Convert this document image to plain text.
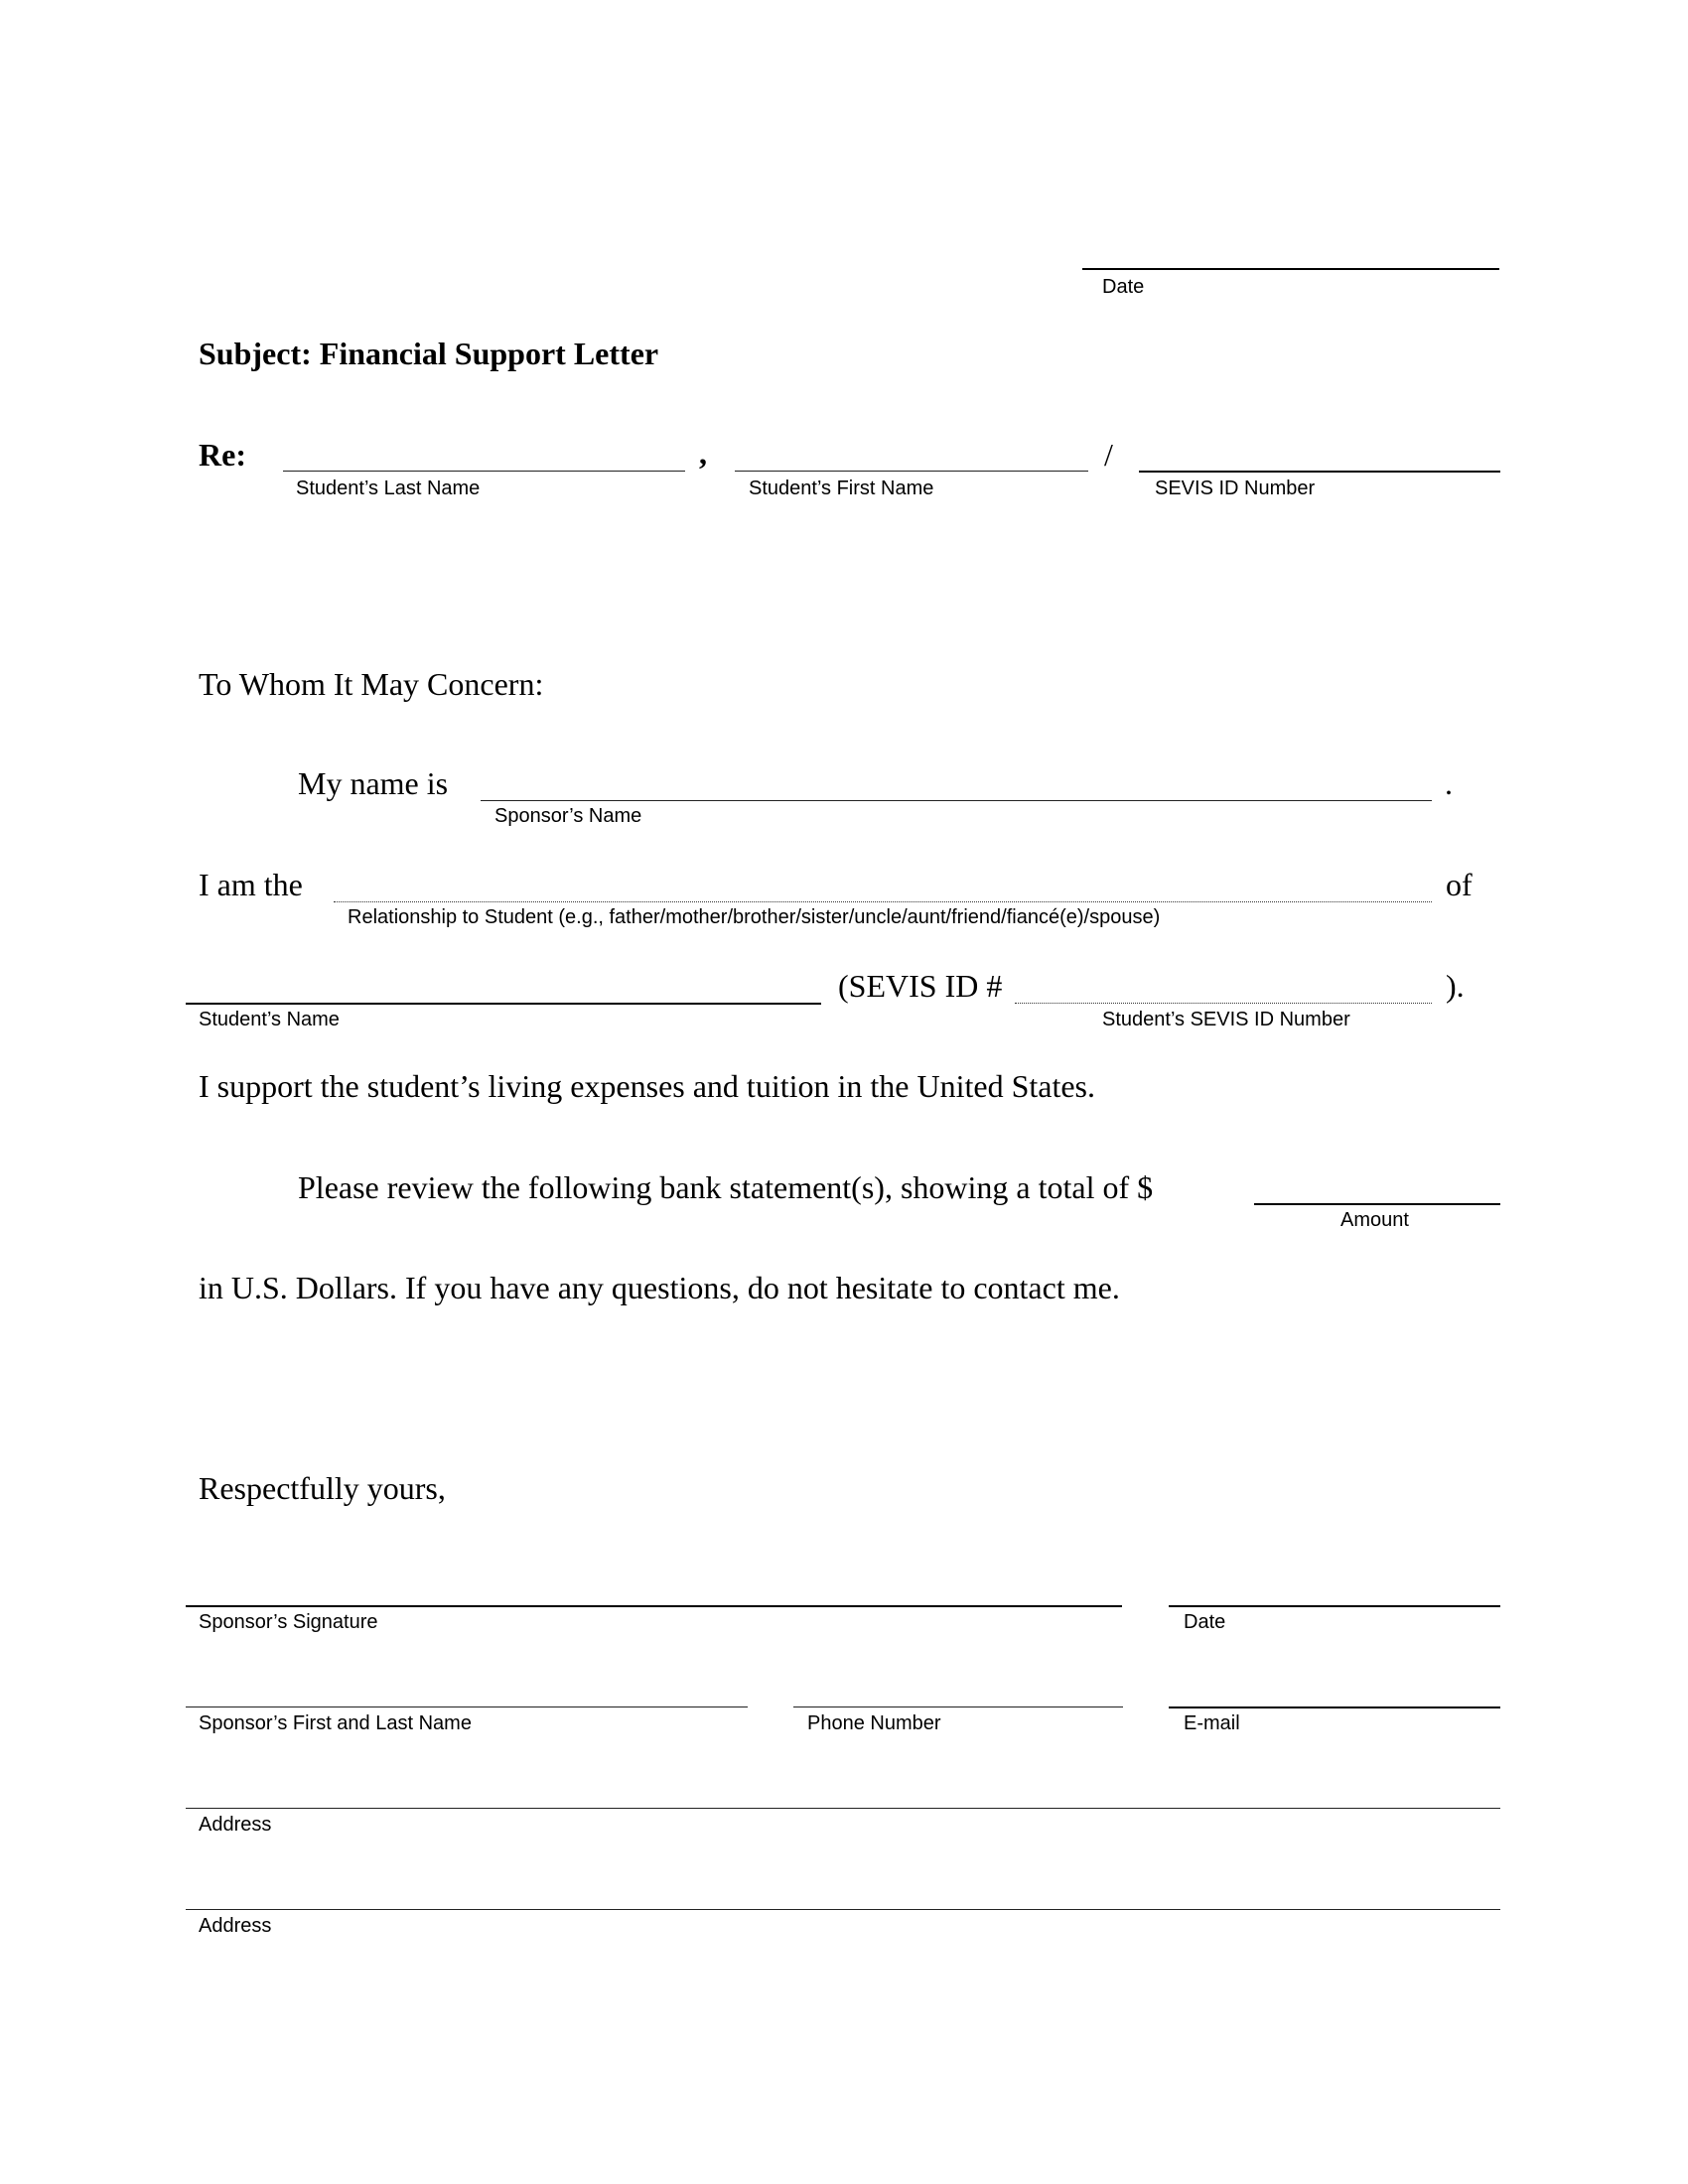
Date
Subject: Financial Support Letter
Re:	,	/
Student’s Last Name	Student’s First Name	SEVIS ID Number
To Whom It May Concern:
My name is	.
Sponsor’s Name
I am the	of
Relationship to Student (e.g., father/mother/brother/sister/uncle/aunt/friend/fiancé(e)/spouse)
(SEVIS ID #	).
Student’s Name	Student’s SEVIS ID Number
I support the student’s living expenses and tuition in the United States.
Please review the following bank statement(s), showing a total of $
Amount
in U.S. Dollars. If you have any questions, do not hesitate to contact me.
Respectfully yours,
Sponsor’s Signature	Date
Sponsor’s First and Last Name	Phone Number	E-mail
Address
Address
